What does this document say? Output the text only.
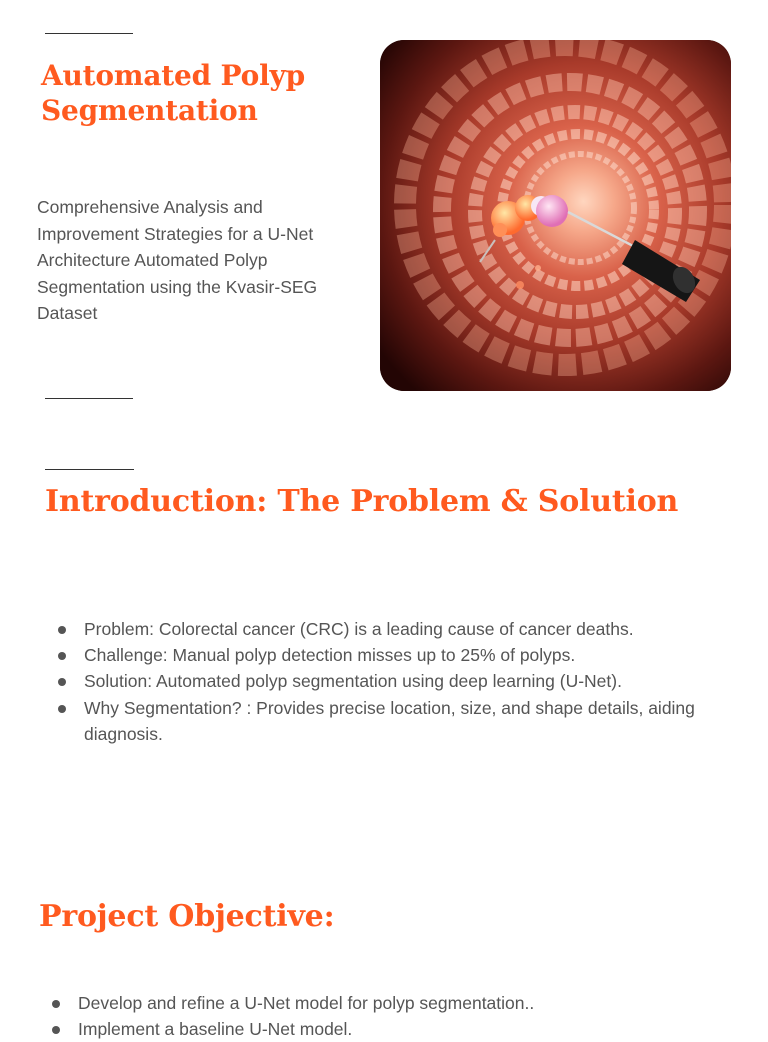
Automated Polyp Segmentation

Comprehensive Analysis and Improvement Strategies for a U-Net Architecture Automated Polyp Segmentation using the Kvasir-SEG Dataset

Introduction: The Problem & Solution
Problem: Colorectal cancer (CRC) is a leading cause of cancer deaths.
Challenge: Manual polyp detection misses up to 25% of polyps.
Solution: Automated polyp segmentation using deep learning (U-Net).
Why Segmentation? : Provides precise location, size, and shape details, aiding diagnosis.
Project Objective:
Develop and refine a U-Net model for polyp segmentation..
Implement a baseline U-Net model.
